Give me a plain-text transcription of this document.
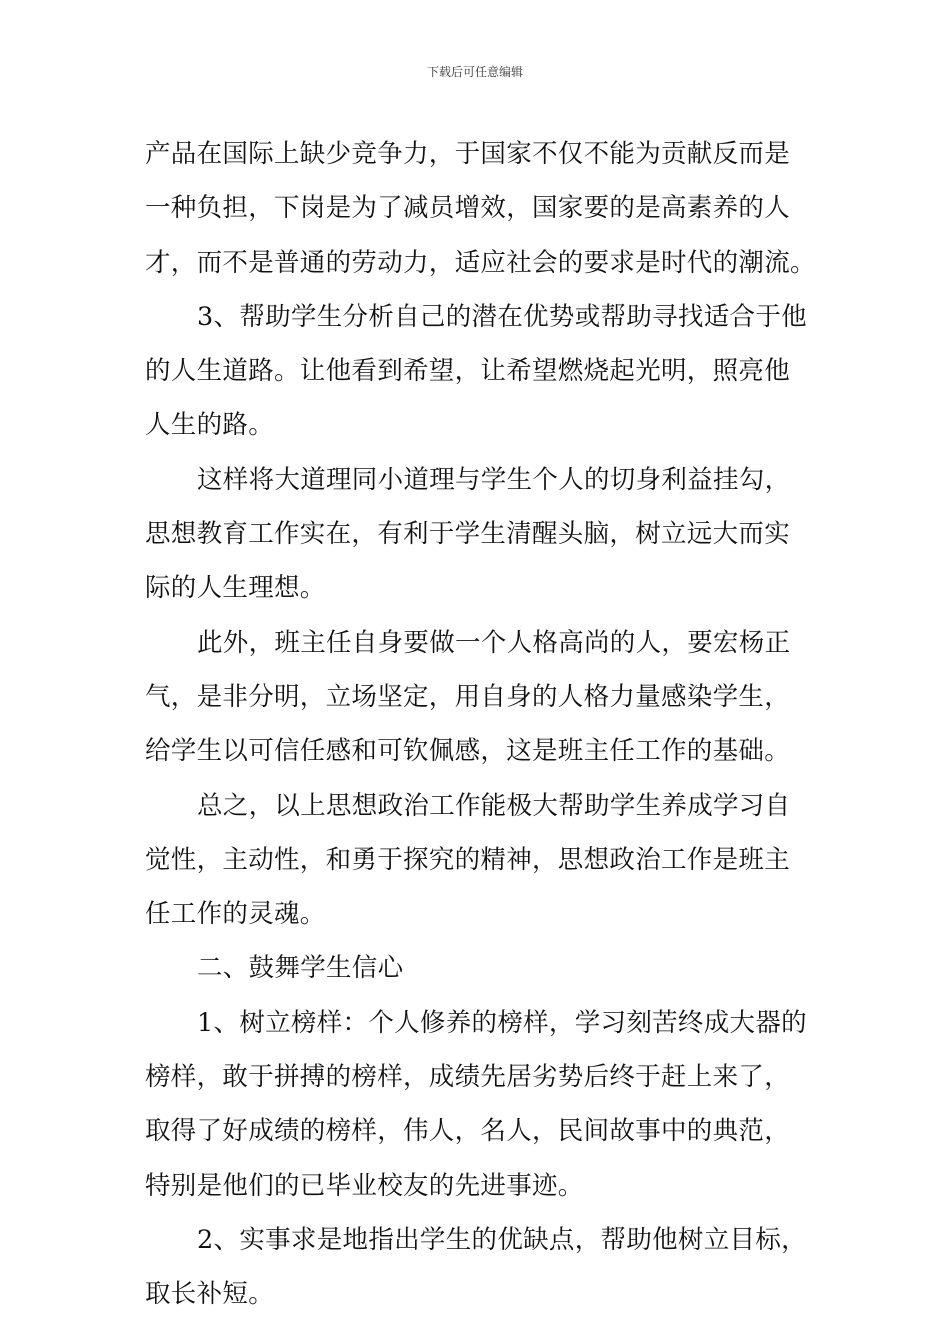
下载后可任意编辑
产品在国际上缺少竞争力，于国家不仅不能为贡献反而是
一种负担，下岗是为了减员增效，国家要的是高素养的人
才，而不是普通的劳动力，适应社会的要求是时代的潮流。
3、帮助学生分析自己的潜在优势或帮助寻找适合于他
的人生道路。让他看到希望，让希望燃烧起光明，照亮他
人生的路。
这样将大道理同小道理与学生个人的切身利益挂勾，
思想教育工作实在，有利于学生清醒头脑，树立远大而实
际的人生理想。
此外，班主任自身要做一个人格高尚的人，要宏杨正
气，是非分明，立场坚定，用自身的人格力量感染学生，
给学生以可信任感和可钦佩感，这是班主任工作的基础。
总之，以上思想政治工作能极大帮助学生养成学习自
觉性，主动性，和勇于探究的精神，思想政治工作是班主
任工作的灵魂。
二、鼓舞学生信心
1、树立榜样：个人修养的榜样，学习刻苦终成大器的
榜样，敢于拼搏的榜样，成绩先居劣势后终于赶上来了，
取得了好成绩的榜样，伟人，名人，民间故事中的典范，
特别是他们的已毕业校友的先进事迹。
2、实事求是地指出学生的优缺点，帮助他树立目标，
取长补短。
